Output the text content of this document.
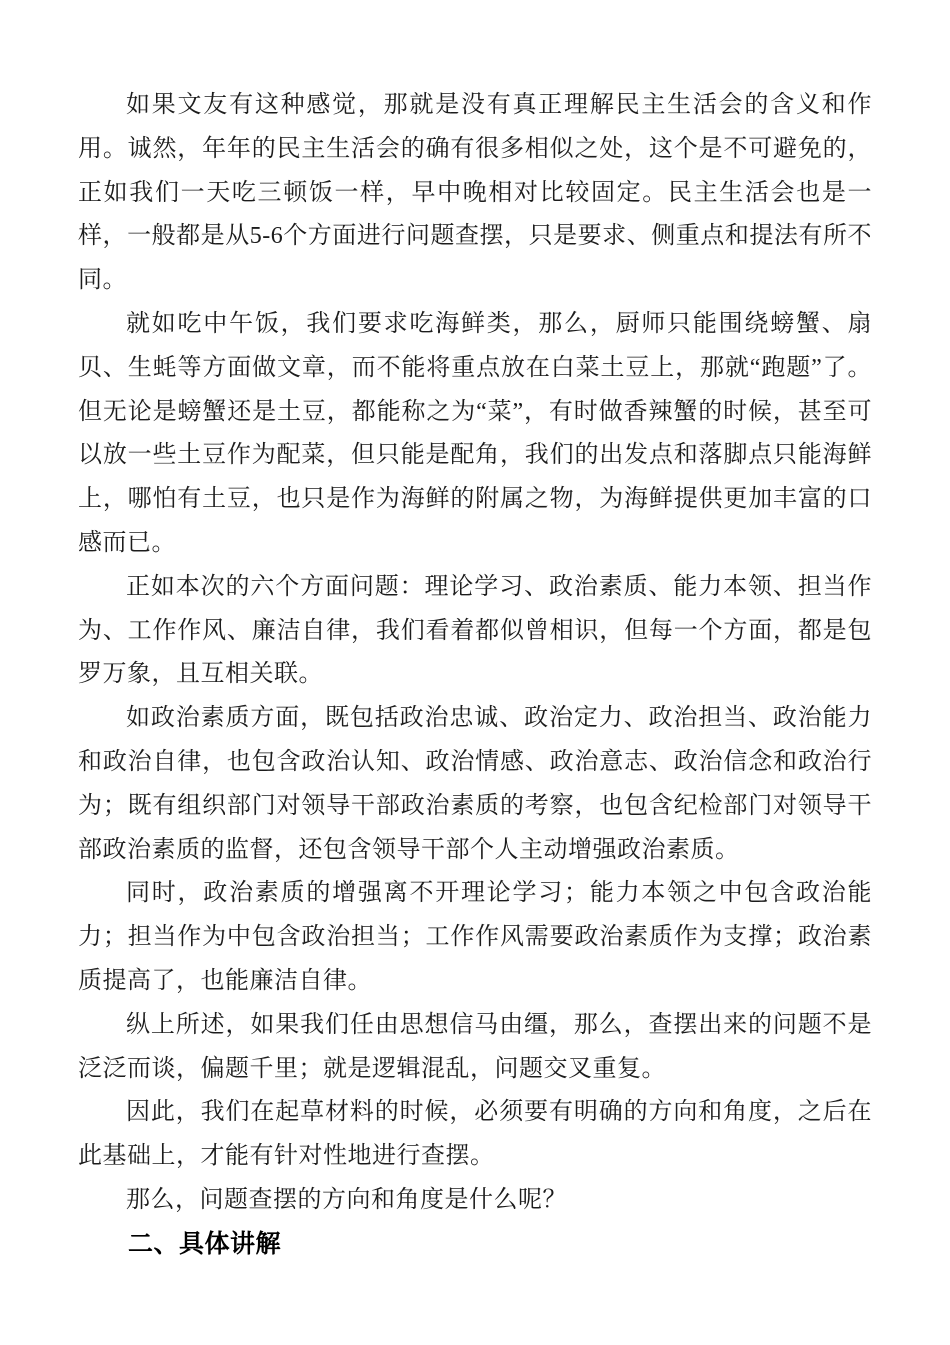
如果文友有这种感觉，那就是没有真正理解民主生活会的含义和作用。诚然，年年的民主生活会的确有很多相似之处，这个是不可避免的，正如我们一天吃三顿饭一样，早中晚相对比较固定。民主生活会也是一样，一般都是从5-6个方面进行问题查摆，只是要求、侧重点和提法有所不同。

就如吃中午饭，我们要求吃海鲜类，那么，厨师只能围绕螃蟹、扇贝、生蚝等方面做文章，而不能将重点放在白菜土豆上，那就“跑题”了。但无论是螃蟹还是土豆，都能称之为“菜”，有时做香辣蟹的时候，甚至可以放一些土豆作为配菜，但只能是配角，我们的出发点和落脚点只能海鲜上，哪怕有土豆，也只是作为海鲜的附属之物，为海鲜提供更加丰富的口感而已。

正如本次的六个方面问题：理论学习、政治素质、能力本领、担当作为、工作作风、廉洁自律，我们看着都似曾相识，但每一个方面，都是包罗万象，且互相关联。

如政治素质方面，既包括政治忠诚、政治定力、政治担当、政治能力和政治自律，也包含政治认知、政治情感、政治意志、政治信念和政治行为；既有组织部门对领导干部政治素质的考察，也包含纪检部门对领导干部政治素质的监督，还包含领导干部个人主动增强政治素质。

同时，政治素质的增强离不开理论学习；能力本领之中包含政治能力；担当作为中包含政治担当；工作作风需要政治素质作为支撑；政治素质提高了，也能廉洁自律。

纵上所述，如果我们任由思想信马由缰，那么，查摆出来的问题不是泛泛而谈，偏题千里；就是逻辑混乱，问题交叉重复。

因此，我们在起草材料的时候，必须要有明确的方向和角度，之后在此基础上，才能有针对性地进行查摆。

那么，问题查摆的方向和角度是什么呢？

二、具体讲解
